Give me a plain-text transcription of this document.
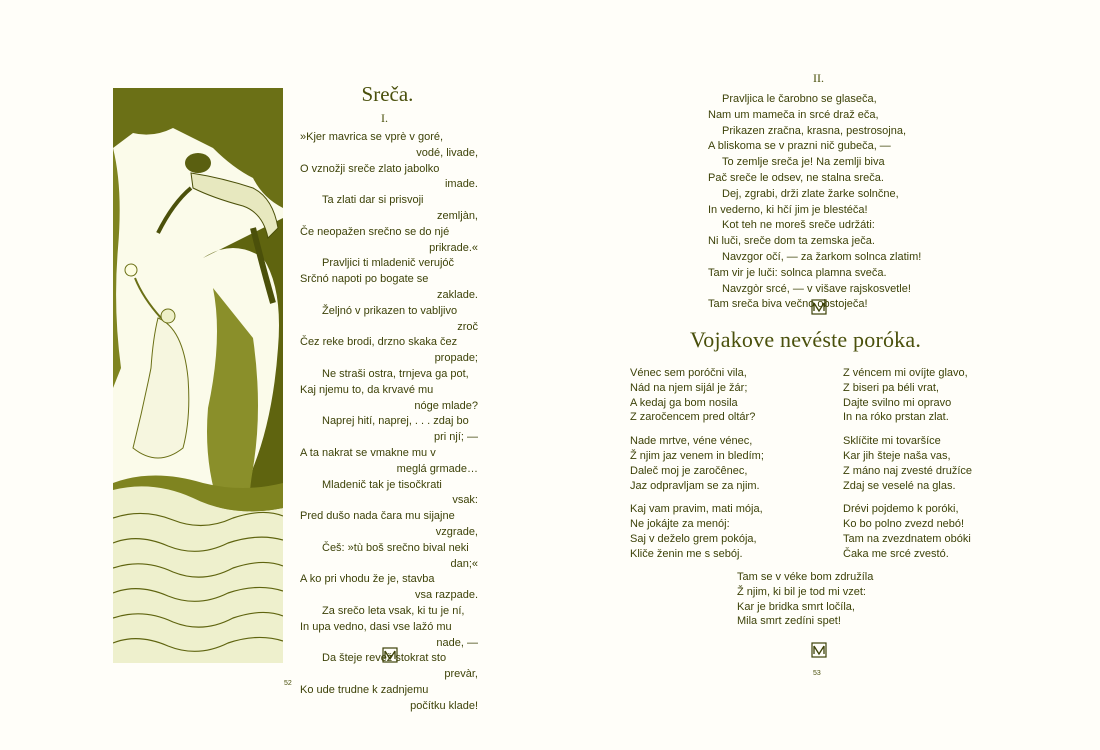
Sreča.
I.
»Kjer mavrica se vprè v goré,
vodé, livade,
O vznožji sreče zlato jabolko
imade.
Ta zlati dar si prisvoji
zemljàn,
Če neopažen srečno se do njé
prikrade.«
Pravljici ti mladenič verujóč
Srčnó napoti po bogate se
zaklade.
Željnó v prikazen to vabljivo
zroč
Čez reke brodi, drzno skaka čez
propade;
Ne straši ostra, trnjeva ga pot,
Kaj njemu to, da krvavé mu
nóge mlade?
Naprej hití, naprej, . . . zdaj bo
pri njí; —
A ta nakrat se vmakne mu v
meglá grmade…
Mladenič tak je tisočkrati
vsak:
Pred dušo nada čara mu sijajne
vzgrade,
Češ: »tù boš srečno bival neki
dan;«
A ko pri vhodu že je, stavba
vsa razpade.
Za srečo leta vsak, ki tu je ní,
In upa vedno, dasi vse lažó mu
nade, —
Da šteje revež stokrat sto
prevàr,
Ko ude trudne k zadnjemu
počítku klade!
52
II.
Pravljica le čarobno se glaseča,
Nam um mameča in srcé draž eča,
Prikazen zračna, krasna, pestrosojna,
A bliskoma se v prazni nič gubeča, —
To zemlje sreča je! Na zemlji biva
Pač sreče le odsev, ne stalna sreča.
Dej, zgrabi, drži zlate žarke solnčne,
In vederno, ki hčí jim je blestéča!
Kot teh ne moreš sreče udržáti:
Ni luči, sreče dom ta zemska ječa.
Navzgor očí, — za žarkom solnca zlatim!
Tam vir je luči: solnca plamna sveča.
Navzgòr srcé, — v višave rajskosvetle!
Tam sreča biva večno obstoječa!
Vojakove nevéste poróka.
Vénec sem poróčni vila,
Nád na njem sijál je žár;
A kedaj ga bom nosila
Z zaročencem pred oltár?
Nade mrtve, véne vénec,
Ž njim jaz venem in bledím;
Daleč moj je zaročênec,
Jaz odpravljam se za njim.
Kaj vam pravim, mati mója,
Ne jokájte za menój:
Saj v deželo grem pokója,
Kliče ženin me s sebój.
Z véncem mi ovíjte glavo,
Z biseri pa béli vrat,
Dajte svilno mi opravo
In na róko prstan zlat.
Sklíčite mi tovaršíce
Kar jih šteje naša vas,
Z máno naj zvesté družíce
Zdaj se veselé na glas.
Drévi pojdemo k poróki,
Ko bo polno zvezd nebó!
Tam na zvezdnatem obóki
Čaka me srcé zvestó.
Tam se v véke bom združíla
Ž njim, ki bil je tod mi vzet:
Kar je bridka smrt ločíla,
Mila smrt zedíni spet!
53
